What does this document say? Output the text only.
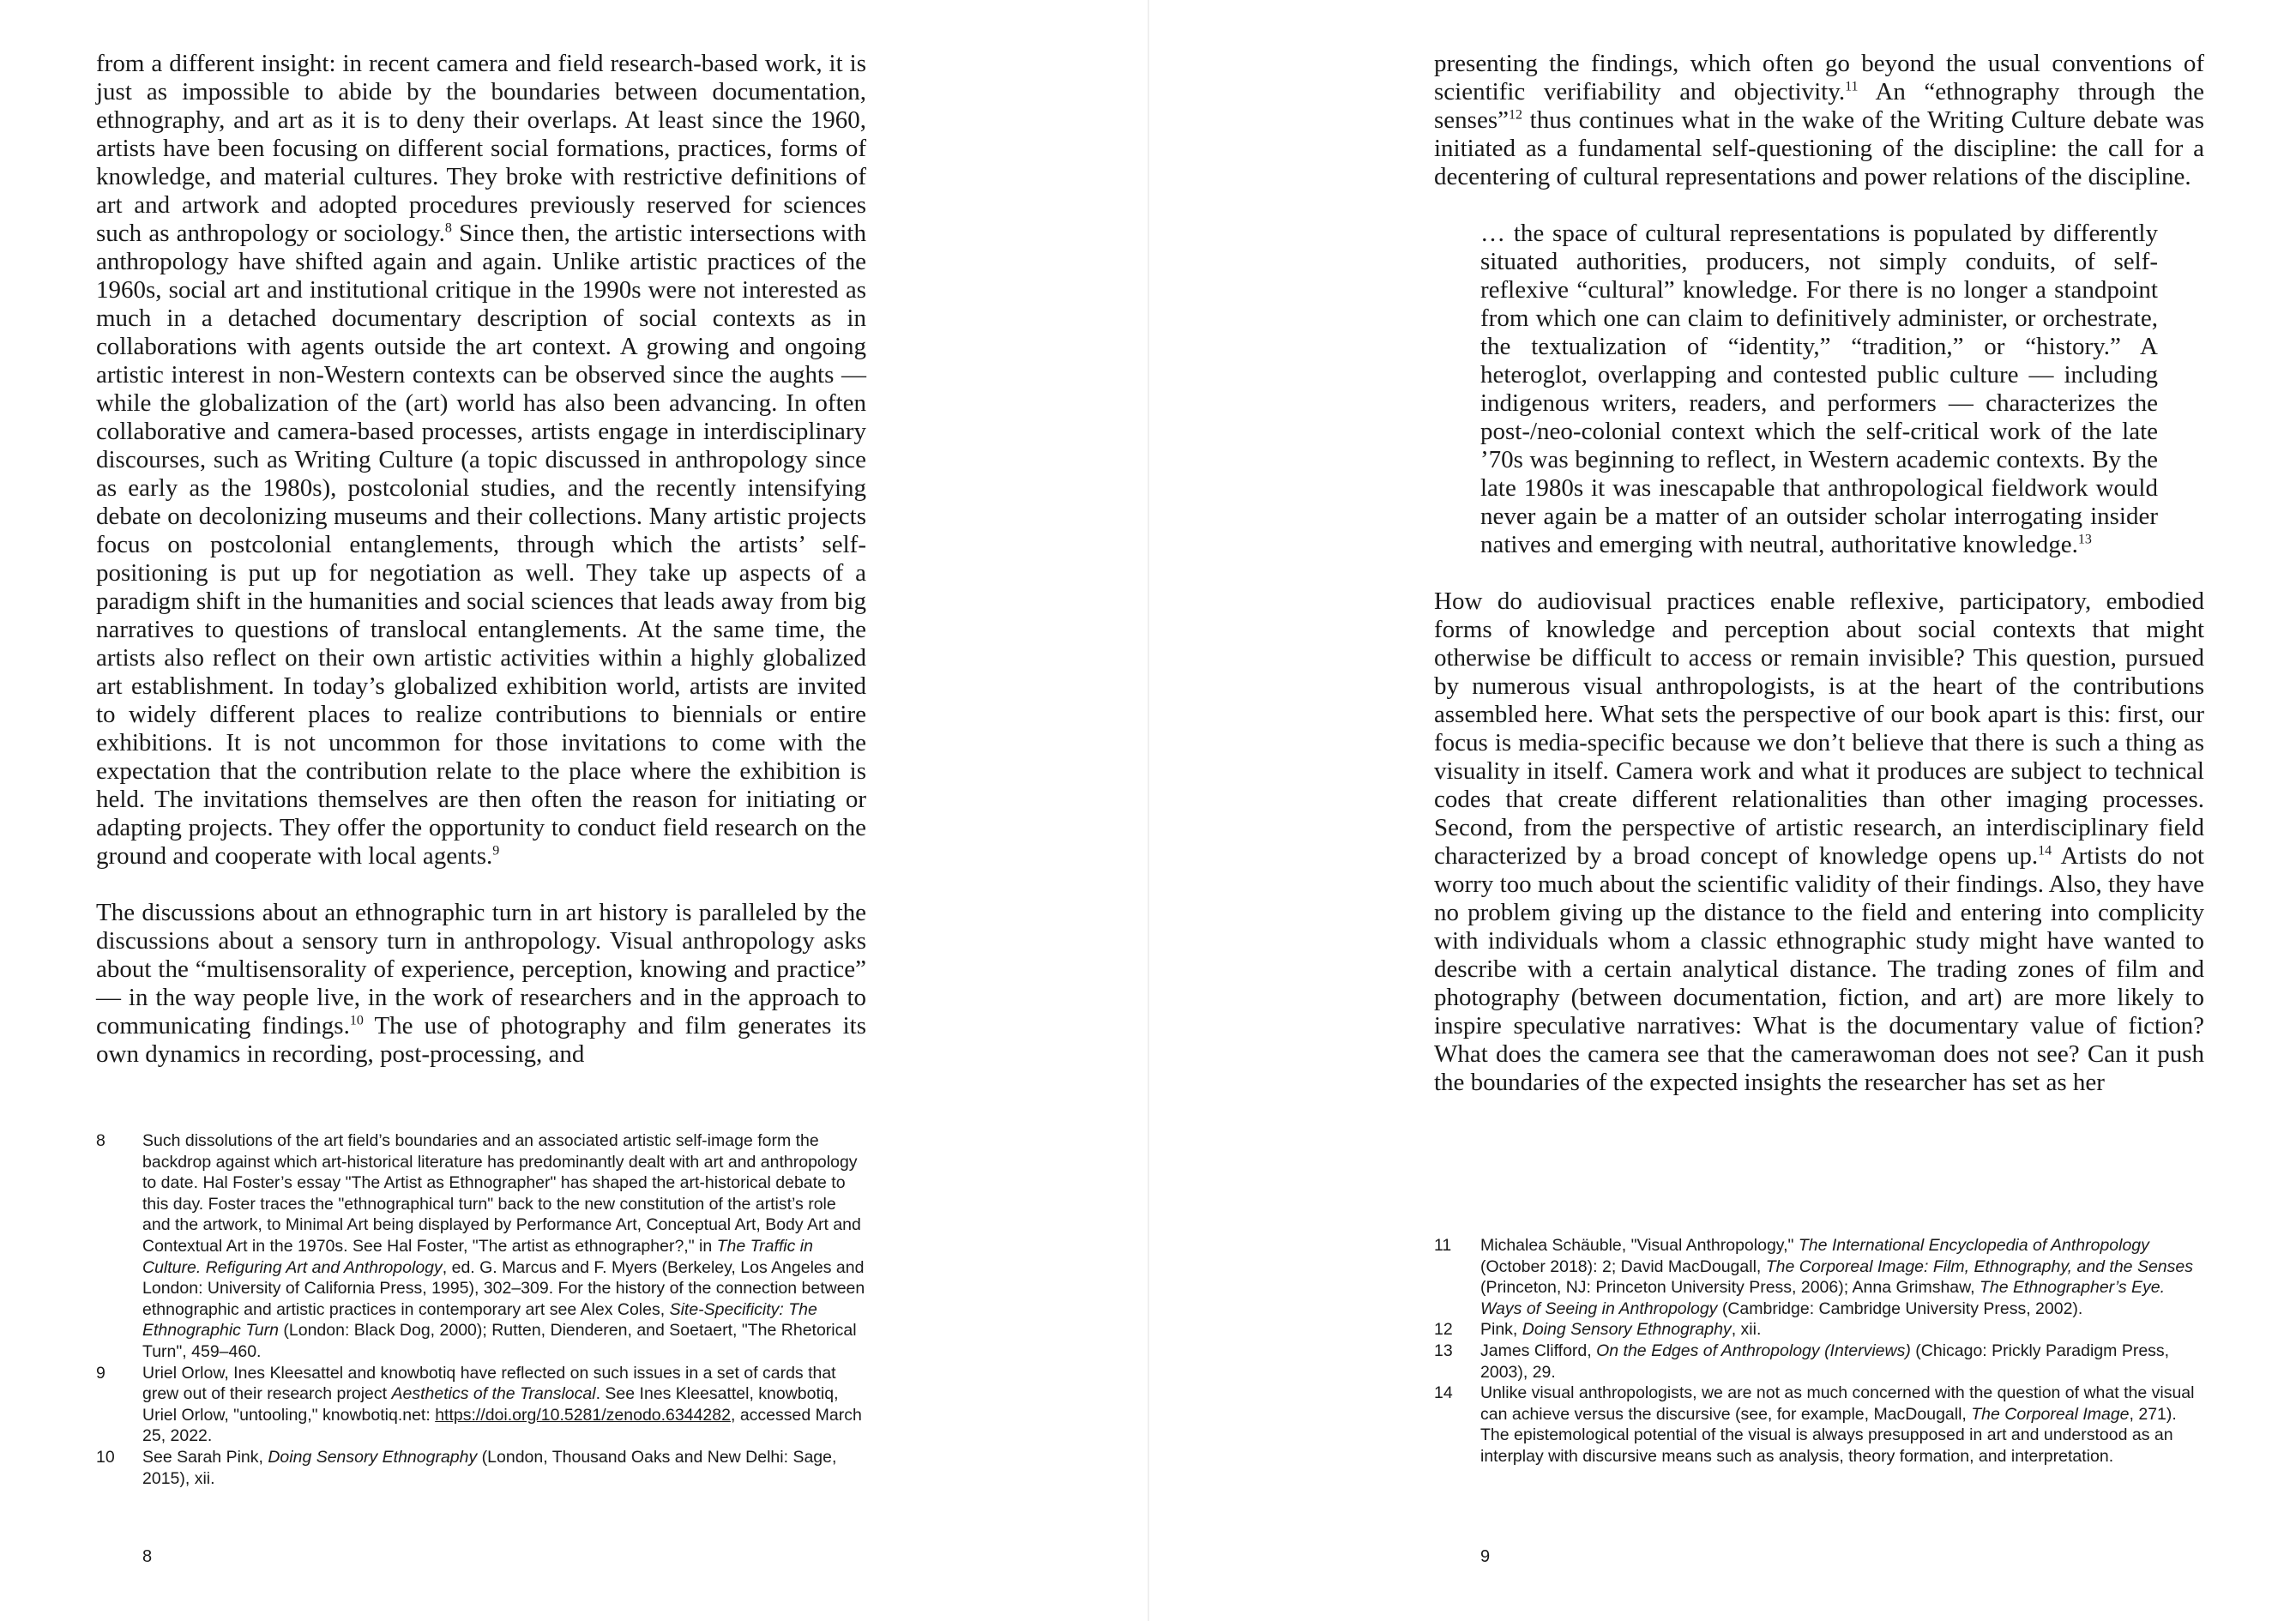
from a different insight: in recent camera and field research-based work, it is just as impossible to abide by the boundaries between documentation, ethnography, and art as it is to deny their overlaps. At least since the 1960, artists have been focusing on different social formations, practices, forms of knowledge, and material cultures. They broke with restrictive definitions of art and artwork and adopted procedures previously reserved for sciences such as anthropology or sociology.$^8$ Since then, the artistic intersections with anthropology have shifted again and again. Unlike artistic practices of the 1960s, social art and institutional critique in the 1990s were not interested as much in a detached documentary description of social contexts as in collaborations with agents outside the art context. A growing and ongoing artistic interest in non-Western contexts can be observed since the aughts — while the globalization of the (art) world has also been advancing. In often collaborative and camera-based processes, artists engage in interdisciplinary discourses, such as Writing Culture (a topic discussed in anthropology since as early as the 1980s), postcolonial studies, and the recently intensifying debate on decolonizing museums and their collections. Many artistic projects focus on postcolonial entanglements, through which the artists’ self-positioning is put up for negotiation as well. They take up aspects of a paradigm shift in the humanities and social sciences that leads away from big narratives to questions of translocal entanglements. At the same time, the artists also reflect on their own artistic activities within a highly globalized art establishment. In today’s globalized exhibition world, artists are invited to widely different places to realize contributions to biennials or entire exhibitions. It is not uncommon for those invitations to come with the expectation that the contribution relate to the place where the exhibition is held. The invitations themselves are then often the reason for initiating or adapting projects. They offer the opportunity to conduct field research on the ground and cooperate with local agents.$^9$

The discussions about an ethnographic turn in art history is paralleled by the discussions about a sensory turn in anthropology. Visual anthropology asks about the “multisensorality of experience, perception, knowing and practice” — in the way people live, in the work of researchers and in the approach to communicating findings.$^{10}$ The use of photography and film generates its own dynamics in recording, post-processing, and

8	Such dissolutions of the art field’s boundaries and an associated artistic self-image form the backdrop against which art-historical literature has predominantly dealt with art and anthropology to date. Hal Foster’s essay "The Artist as Ethnographer" has shaped the art-historical debate to this day. Foster traces the "ethnographical turn" back to the new constitution of the artist’s role and the artwork, to Minimal Art being displayed by Performance Art, Conceptual Art, Body Art and Contextual Art in the 1970s. See Hal Foster, "The artist as ethnographer?," in The Traffic in Culture. Refiguring Art and Anthropology, ed. G. Marcus and F. Myers (Berkeley, Los Angeles and London: University of California Press, 1995), 302–309. For the history of the connection between ethnographic and artistic practices in contemporary art see Alex Coles, Site-Specificity: The Ethnographic Turn (London: Black Dog, 2000); Rutten, Dienderen, and Soetaert, "The Rhetorical Turn", 459–460.
9	Uriel Orlow, Ines Kleesattel and knowbotiq have reflected on such issues in a set of cards that grew out of their research project Aesthetics of the Translocal. See Ines Kleesattel, knowbotiq, Uriel Orlow, "untooling," knowbotiq.net: https://doi.org/10.5281/zenodo.6344282, accessed March 25, 2022.
10	See Sarah Pink, Doing Sensory Ethnography (London, Thousand Oaks and New Delhi: Sage, 2015), xii.
8

presenting the findings, which often go beyond the usual conventions of scientific verifiability and objectivity.$^{11}$ An “ethnography through the senses”$^{12}$ thus continues what in the wake of the Writing Culture debate was initiated as a fundamental self-questioning of the discipline: the call for a decentering of cultural representations and power relations of the discipline.

… the space of cultural representations is populated by differently situated authorities, producers, not simply conduits, of self-reflexive “cultural” knowledge. For there is no longer a standpoint from which one can claim to definitively administer, or orchestrate, the textualization of “identity,” “tradition,” or “history.” A heteroglot, overlapping and contested public culture — including indigenous writers, readers, and performers — characterizes the post-/neo-colonial context which the self-critical work of the late ’70s was beginning to reflect, in Western academic contexts. By the late 1980s it was inescapable that anthropological fieldwork would never again be a matter of an outsider scholar interrogating insider natives and emerging with neutral, authoritative knowledge.$^{13}$

How do audiovisual practices enable reflexive, participatory, embodied forms of knowledge and perception about social contexts that might otherwise be difficult to access or remain invisible? This question, pursued by numerous visual anthropologists, is at the heart of the contributions assembled here. What sets the perspective of our book apart is this: first, our focus is media-specific because we don’t believe that there is such a thing as visuality in itself. Camera work and what it produces are subject to technical codes that create different relationalities than other imaging processes. Second, from the perspective of artistic research, an interdisciplinary field characterized by a broad concept of knowledge opens up.$^{14}$ Artists do not worry too much about the scientific validity of their findings. Also, they have no problem giving up the distance to the field and entering into complicity with individuals whom a classic ethnographic study might have wanted to describe with a certain analytical distance. The trading zones of film and photography (between documentation, fiction, and art) are more likely to inspire speculative narratives: What is the documentary value of fiction? What does the camera see that the camerawoman does not see? Can it push the boundaries of the expected insights the researcher has set as her

11	Michalea Schäuble, "Visual Anthropology," The International Encyclopedia of Anthropology (October 2018): 2; David MacDougall, The Corporeal Image: Film, Ethnography, and the Senses (Princeton, NJ: Princeton University Press, 2006); Anna Grimshaw, The Ethnographer’s Eye. Ways of Seeing in Anthropology (Cambridge: Cambridge University Press, 2002).
12	Pink, Doing Sensory Ethnography, xii.
13	James Clifford, On the Edges of Anthropology (Interviews) (Chicago: Prickly Paradigm Press, 2003), 29.
14	Unlike visual anthropologists, we are not as much concerned with the question of what the visual can achieve versus the discursive (see, for example, MacDougall, The Corporeal Image, 271). The epistemological potential of the visual is always presupposed in art and understood as an interplay with discursive means such as analysis, theory formation, and interpretation.
9
